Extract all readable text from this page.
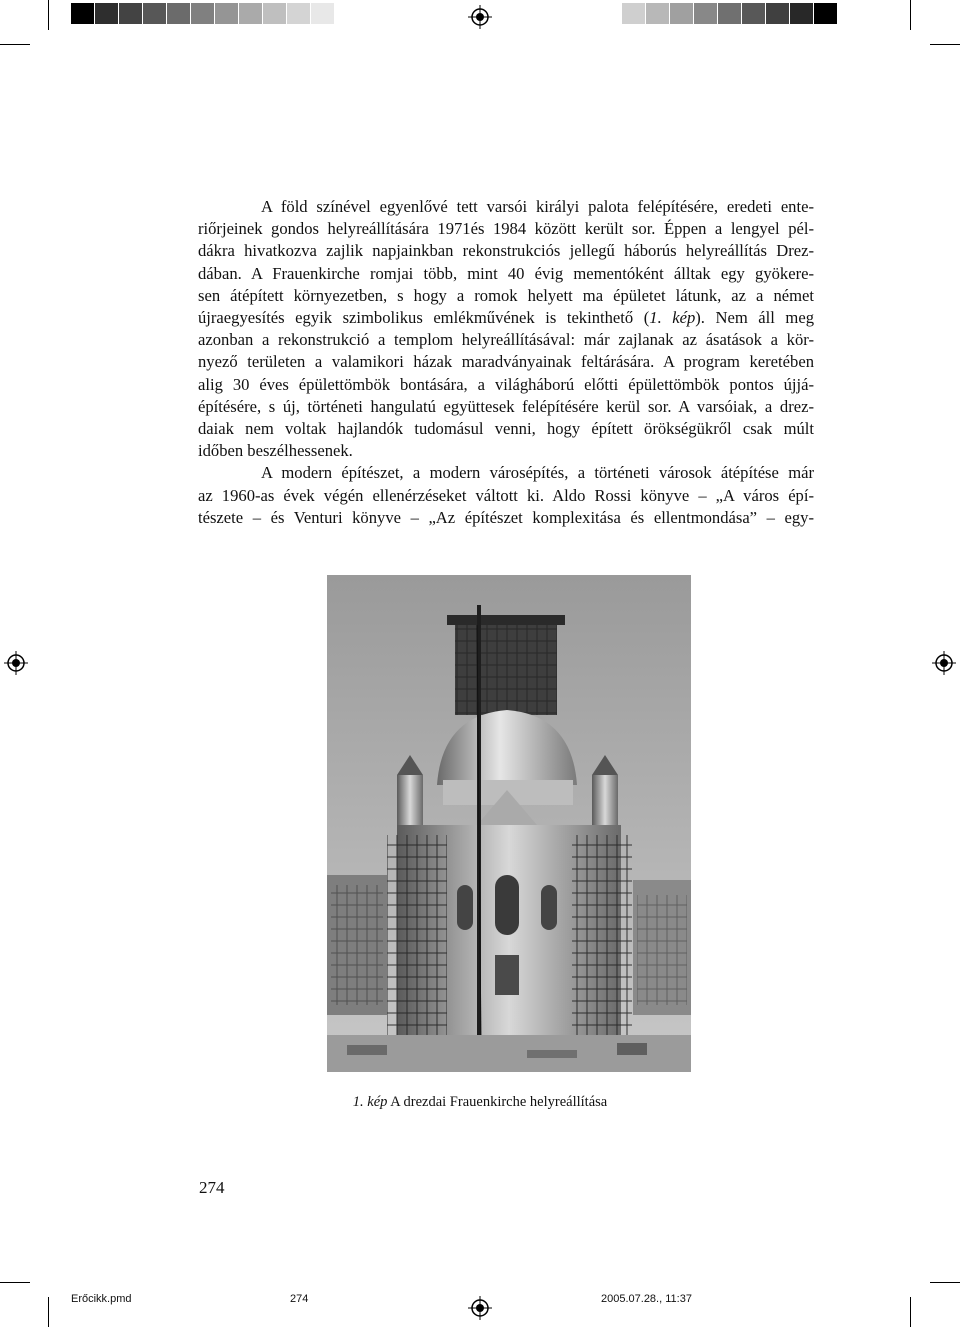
A föld színével egyenlővé tett varsói királyi palota felépítésére, eredeti ente-

riőrjeinek gondos helyreállítására 1971és 1984 között került sor. Éppen a lengyel pél-

dákra hivatkozva zajlik napjainkban rekonstrukciós jellegű háborús helyreállítás Drez-

dában. A Frauenkirche romjai több, mint 40 évig mementóként álltak egy gyökere-

sen átépített környezetben, s hogy a romok helyett ma épületet látunk, az a német

újraegyesítés egyik szimbolikus emlékművének is tekinthető (1. kép). Nem áll meg

azonban a rekonstrukció a templom helyreállításával: már zajlanak az ásatások a kör-

nyező területen a valamikori házak maradványainak feltárására. A program keretében

alig 30 éves épülettömbök bontására, a világháború előtti épülettömbök pontos újjá-

építésére, s új, történeti hangulatú együttesek felépítésére kerül sor. A varsóiak, a drez-

daiak nem voltak hajlandók tudomásul venni, hogy épített örökségükről csak múlt

időben beszélhessenek.

A modern építészet, a modern városépítés, a történeti városok átépítése már

az 1960-as évek végén ellenérzéseket váltott ki. Aldo Rossi könyve – „A város épí-

tészete – és Venturi könyve – „Az építészet komplexitása és ellentmondása” – egy-

1. kép A drezdai Frauenkirche helyreállítása
274
Erőcikk.pmd	274	2005.07.28., 11:37
